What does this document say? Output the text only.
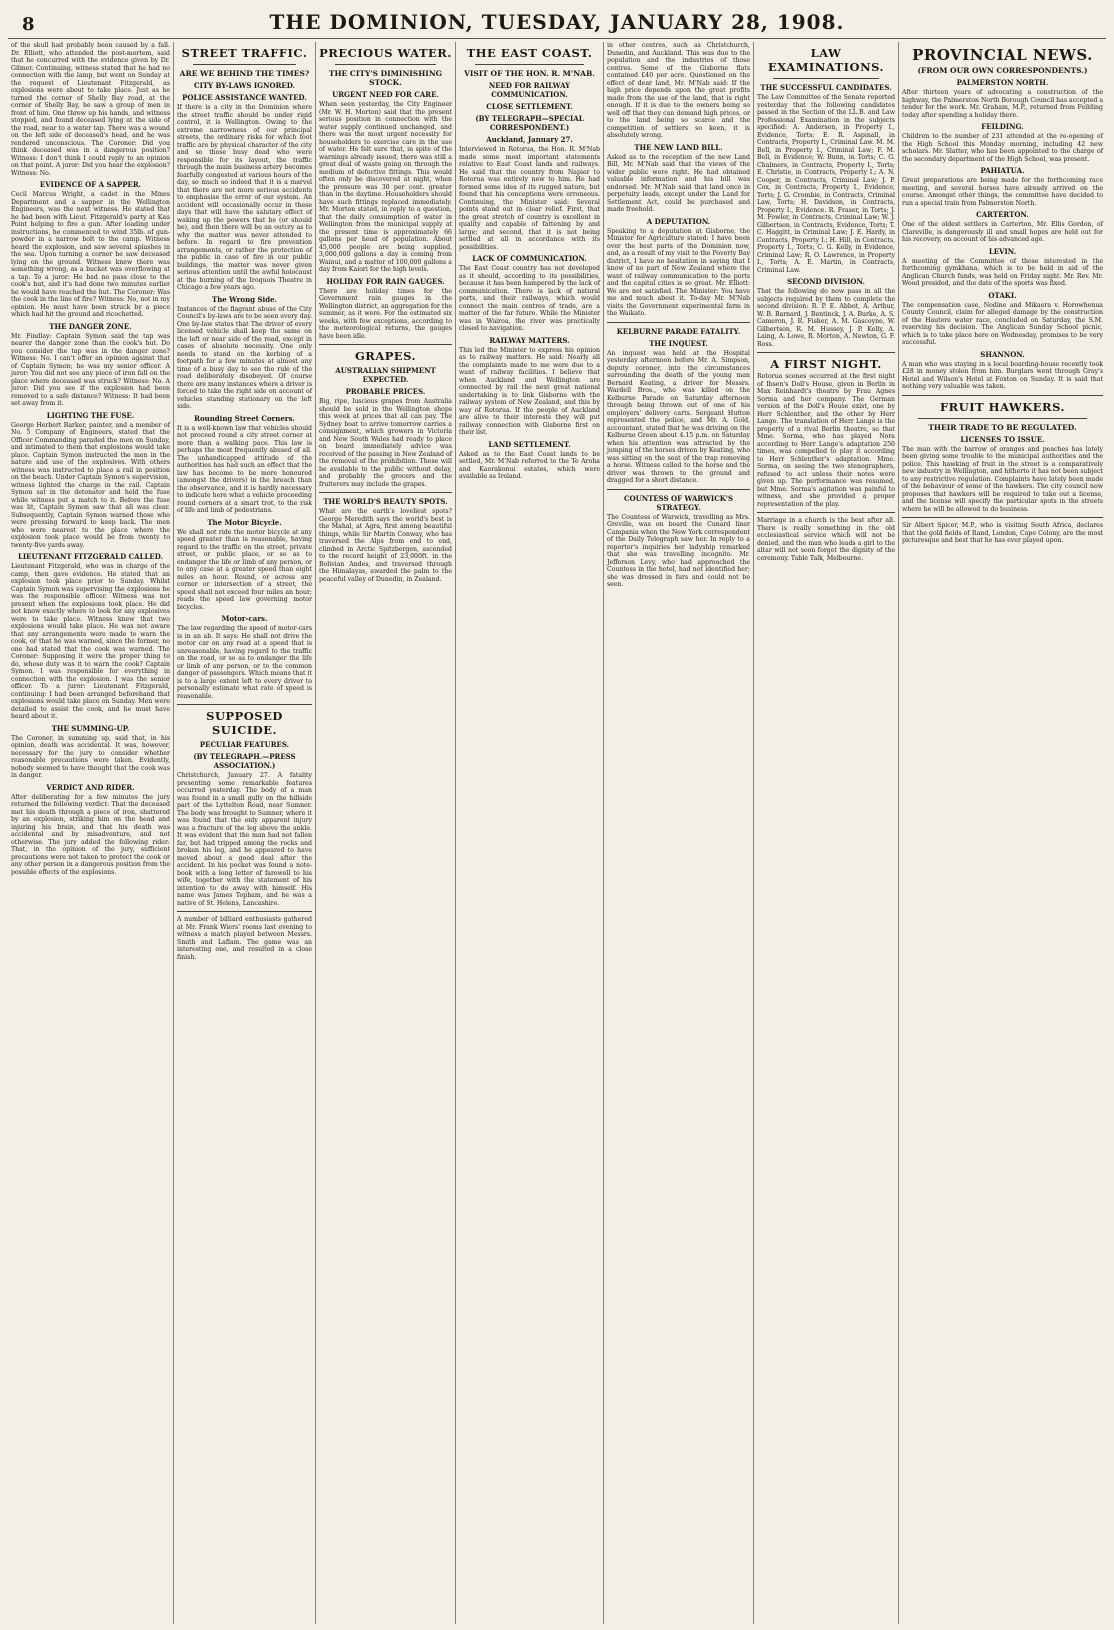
8	THE DOMINION, TUESDAY, JANUARY 28, 1908.

of the skull had probably been caused by a fall. Dr. Elliott, who attended the post-mortem, said that he concurred with the evidence given by Dr. Gilmer. Continuing, witness stated that he had no connection with the lamp, but went on Sunday at the request of Lieutenant Fitzgerald, as explosions were about to take place. Just as he turned the corner of Shelly Bay road, at the corner of Shelly Bay, he saw a group of men in front of him. One threw up his hands, and witness stopped, and found deceased lying at the side of the road, near to a water tap. There was a wound on the left side of deceased's head, and he was rendered unconscious. The Coroner: Did you think deceased was in a dangerous position? Witness: I don't think I could reply to an opinion on that point. A juror: Did you hear the explosion? Witness: No.

EVIDENCE OF A SAPPER.

Cecil Marcus Wright, a cadet in the Mines Department and a sapper in the Wellington Engineers, was the next witness. He stated that he had been with Lieut. Fitzgerald's party at Kau Point helping to fire a gun. After loading under instructions, he commenced to wind 35lb. of gun-powder in a narrow bolt to the camp. Witness heard the explosion, and saw several splashes in the sea. Upon turning a corner he saw deceased lying on the ground. Witness knew there was something wrong, as a bucket was overflowing at a tap. To a juror: He had no pass close to the cook's hut, and it's had done two minutes earlier he would have reached the hut. The Coroner: Was the cook in the line of fire? Witness: No, not in my opinion. He must have been struck by a piece which had hit the ground and ricochetted.

THE DANGER ZONE.

Mr. Findlay: Captain Symon said the tap was nearer the danger zone than the cook's hut. Do you consider the tap was in the danger zone? Witness: No. I can't offer an opinion against that of Captain Symon; he was my senior officer. A juror: You did not see any piece of iron fall on the place where deceased was struck? Witness: No. A juror: Did you see if the explosion had been removed to a safe distance? Witness: It had been set away from it.

LIGHTING THE FUSE.

George Herbert Barker, painter, and a member of No. 5 Company of Engineers, stated that the Officer Commanding paraded the men on Sunday, and intimated to them that explosions would take place. Captain Symon instructed the men in the nature and use of the explosives. With others witness was instructed to place a rail in position on the beach. Under Captain Symon's supervision, witness lighted the charge in the rail. Captain Symon sat in the detonator and held the fuse while witness put a match to it. Before the fuse was lit, Captain Symon saw that all was clear. Subsequently, Captain Symon warned those who were pressing forward to keep back. The men who were nearest to the place where the explosion took place would be from twenty to twenty-five yards away.

LIEUTENANT FITZGERALD CALLED.

Lieutenant Fitzgerald, who was in charge of the camp, then gave evidence. He stated that an explosion took place prior to Sunday. Whilst Captain Symon was supervising the explosions he was the responsible officer. Witness was not present when the explosions took place. He did not know exactly where to look for any explosives were to take place. Witness knew that two explosions would take place. He was not aware that any arrangements were made to warn the cook, or that he was warned, since the former, no one had stated that the cook was warned. The Coroner: Supposing it were the proper thing to do, whose duty was it to warn the cook? Captain Symon. I was responsible for everything in connection with the explosion. I was the senior officer. To a juror: Lieutenant Fitzgerald, continuing: I had been arranged beforehand that explosions would take place on Sunday. Men were detailed to assist the cook, and he must have heard about it.

THE SUMMING-UP.

The Coroner, in summing up, said that, in his opinion, death was accidental. It was, however, necessary for the jury to consider whether reasonable precautions were taken. Evidently, nobody seemed to have thought that the cook was in danger.

VERDICT AND RIDER.

After deliberating for a few minutes the jury returned the following verdict: That the deceased met his death through a piece of iron, shattered by an explosion, striking him on the head and injuring his brain, and that his death was accidental and by misadventure, and not otherwise. The jury added the following rider: That, in the opinion of the jury, sufficient precautions were not taken to protect the cook or any other person in a dangerous position from the possible effects of the explosions.

STREET TRAFFIC.
ARE WE BEHIND THE TIMES?
CITY BY-LAWS IGNORED.
POLICE ASSISTANCE WANTED.

If there is a city in the Dominion where the street traffic should be under rigid control, it is Wellington. Owing to the extreme narrowness of our principal streets, the ordinary risks for which foot traffic are by physical character of the city and so those busy dead who were responsible for its layout, the traffic through the main business artery becomes fearfully congested at various hours of the day, so much so indeed that it is a marvel that there are not more serious accidents to emphasise the error of our system. An accident will occasionally occur in these days that will have the salutary effect of waking up the powers that be (or should be), and then there will be an outcry as to why the matter was never attended to before. In regard to fire prevention arrangements, or rather the protection of the public in case of fire in our public buildings, the matter was never given serious attention until the awful holocaust at the burning of the Iroquois Theatre in Chicago a few years ago.

The Wrong Side.

Instances of the flagrant abuse of the City Council's by-laws are to be seen every day. One by-law states that The driver of every licensed vehicle shall keep the same on the left or near side of the road, except in cases of absolute necessity. One only needs to stand on the kerbing of a footpath for a few minutes at almost any time of a busy day to see the rule of the road deliberately disobeyed. Of course there are many instances where a driver is forced to take the right side on account of vehicles standing stationary on the left side.

Rounding Street Corners.

It is a well-known law that vehicles should not proceed round a city street corner at more than a walking pace. This law is perhaps the most frequently abused of all. The unhandicapped attitude of the authorities has had such an effect that the law has become to be more honoured (amongst the drivers) in the breach than the observance, and it is hardly necessary to indicate here what a vehicle proceeding round corners at a smart trot, to the risk of life and limb of pedestrians.

The Motor Bicycle.

We shall not ride the motor bicycle at any speed greater than is reasonable, having regard to the traffic on the street, private street, or public place, or so as to endanger the life or limb of any person, or to any case at a greater speed than eight miles an hour. Round, or across any corner or intersection of a street, the speed shall not exceed four miles an hour; reads the speed law governing motor bicycles.

Motor-cars.

The law regarding the speed of motor-cars is in an ab. It says: He shall not drive the motor car on any road at a speed that is unreasonable, having regard to the traffic on the road, or so as to endanger the life or limb of any person, or to the common danger of passengers. Which means that it is to a large extent left to every driver to personally estimate what rate of speed is reasonable.

SUPPOSED SUICIDE.
PECULIAR FEATURES.
(BY TELEGRAPH.—PRESS ASSOCIATION.)

Christchurch, January 27. A fatality presenting some remarkable features occurred yesterday. The body of a man was found in a small gully on the hillside part of the Lyttelton Road, near Sumner. The body was brought to Sumner, where it was found that the only apparent injury was a fracture of the leg above the ankle. It was evident that the man had not fallen far, but had tripped among the rocks and broken his leg, and he appeared to have moved about a good deal after the accident. In his pocket was found a note-book with a long letter of farewell to his wife, together with the statement of his intention to do away with himself. His name was James Topham, and he was a native of St. Helens, Lancashire.

A number of billiard enthusiasts gathered at Mr. Frank Wiers' rooms last evening to witness a match played between Messrs. Smith and Laflam. The game was an interesting one, and resulted in a close finish.

PRECIOUS WATER.
THE CITY'S DIMINISHING STOCK.
URGENT NEED FOR CARE.

When seen yesterday, the City Engineer (Mr. W. H. Morton) said that the present serious position in connection with the water supply continued unchanged, and there was the most urgent necessity for householders to exercise care in the use of water. He felt sure that, in spite of the warnings already issued, there was still a great deal of waste going on through the medium of defective fittings. This would often only be discovered at night, when the pressure was 30 per cent. greater than in the daytime. Householders should have such fittings replaced immediately. Mr. Morton stated, in reply to a question, that the daily consumption of water in Wellington from the municipal supply at the present time is approximately 66 gallons per head of population. About 45,000 people are being supplied, 3,000,000 gallons a day is coming from Wainui, and a matter of 100,000 gallons a day from Kaiori for the high levels.

HOLIDAY FOR RAIN GAUGES.

There are holiday times for the Government rain gauges in the Wellington district, an aggregation for the summer, as it were. For the estimated six weeks, with few exceptions, according to the meteorological returns, the gauges have been idle.

GRAPES.
AUSTRALIAN SHIPMENT EXPECTED.
PROBABLE PRICES.

Big, ripe, luscious grapes from Australia should be sold in the Wellington shops this week at prices that all can pay. The Sydney boat to arrive tomorrow carries a consignment, which growers in Victoria and New South Wales had ready to place on board immediately advice was received of the passing in New Zealand of the removal of the prohibition. These will be available to the public without delay, and probably the grocers and the fruiterers may include the grapes.

THE WORLD'S BEAUTY SPOTS.

What are the earth's loveliest spots? George Meredith says the world's best is the Mahal, at Agra, first among beautiful things, while Sir Martin Conway, who has traversed the Alps from end to end, climbed in Arctic Spitzbergen, ascended to the record height of 23,000ft. in the Bolivian Andes, and traversed through the Himalayas, awarded the palm to the peaceful valley of Dunedin, in Zealand.

THE EAST COAST.
VISIT OF THE HON. R. M'NAB.
NEED FOR RAILWAY COMMUNICATION.
CLOSE SETTLEMENT.
(BY TELEGRAPH—SPECIAL CORRESPONDENT.)
Auckland, January 27.

Interviewed in Rotorua, the Hon. R. M'Nab made some most important statements relative to East Coast lands and railways. He said that the country from Napier to Rotorua was entirely new to him. He had formed some idea of its rugged nature, but found that his conceptions were erroneous. Continuing, the Minister said: Several points stand out in clear relief. First, that the great stretch of country is excellent in quality and capable of fattening by and large; and second, that it is not being settled at all in accordance with its possibilities.

LACK OF COMMUNICATION.

The East Coast country has not developed as it should, according to its possibilities, because it has been hampered by the lack of communication. There is lack of natural ports, and their railways, which would connect the main centres of trade, are a matter of the far future. While the Minister was in Wairoa, the river was practically closed to navigation.

RAILWAY MATTERS.

This led the Minister to express his opinion as to railway matters. He said: Nearly all the complaints made to me were due to a want of railway facilities. I believe that when Auckland and Wellington are connected by rail the next great national undertaking is to link Gisborne with the railway system of New Zealand, and this by way of Rotorua. If the people of Auckland are alive to their interests they will put railway connection with Gisborne first on their list.

LAND SETTLEMENT.

Asked as to the East Coast lands to be settled, Mr. M'Nab referred to the Te Aroha and Kaorakonui estates, which were available as Ireland.

in other centres, such as Christchurch, Dunedin, and Auckland. This was due to the population and the industries of those centres. Some of the Gisborne flats contained £40 per acre. Questioned on the effect of dear land, Mr. M'Nab said: If the high price depends upon the great profits made from the use of the land, that is right enough. If it is due to the owners being so well off that they can demand high prices, or to the land being so scarce and the competition of settlers so keen, it is absolutely wrong.

THE NEW LAND BILL.

Asked as to the reception of the new Land Bill, Mr. M'Nab said that the views of the wider public were right. He had obtained valuable information and his bill was endorsed. Mr. M'Nab said that land once in perpetuity leads, except under the Land for Settlement Act, could be purchased and made freehold.

A DEPUTATION.

Speaking to a deputation at Gisborne, the Minister for Agriculture stated: I have been over the best parts of the Dominion now, and, as a result of my visit to the Poverty Bay district, I have no hesitation in saying that I know of no part of New Zealand where the want of railway communication to the ports and the capital cities is so great. Mr. Elliott: We are not satisfied. The Minister: You have me and much about it. To-day Mr. M'Nab visits the Government experimental farm in the Waikato.

KELBURNE PARADE FATALITY.
THE INQUEST.

An inquest was held at the Hospital yesterday afternoon before Mr. A. Simpson, deputy coroner, into the circumstances surrounding the death of the young man Bernard Keating, a driver for Messrs. Wardell Bros., who was killed on the Kelburne Parade on Saturday afternoon through being thrown out of one of his employers' delivery carts. Sergeant Hutton represented the police, and Mr. A. Gold, accountant, stated that he was driving on the Kelburne Green about 4.15 p.m. on Saturday when his attention was attracted by the jumping of the horses driven by Keating, who was sitting on the seat of the trap removing a horse. Witness called to the horse and the driver was thrown to the ground and dragged for a short distance.

COUNTESS OF WARWICK'S STRATEGY.

The Countess of Warwick, travelling as Mrs. Greville, was on board the Cunard liner Campania when the New York correspondent of the Daily Telegraph saw her. In reply to a reporter's inquiries her ladyship remarked that she was travelling incognito. Mr. Jefferson Levy, who had approached the Countess in the hotel, had not identified her; she was dressed in furs and could not be seen.

LAW EXAMINATIONS.
THE SUCCESSFUL CANDIDATES.

The Law Committee of the Senate reported yesterday that the following candidates passed in the Section of the LL.B. and Law Professional Examination in the subjects specified: A. Anderson, in Property I., Evidence, Torts; E. R. Aspinall, in Contracts, Property I., Criminal Law. M. M. Bell, in Property I., Criminal Law; F. M. Bell, in Evidence; W. Bunn, in Torts; C. G. Chalmers, in Contracts, Property I., Torts; E. Christie, in Contracts, Property I.; A. N. Cooper, in Contracts, Criminal Law; J. P. Cox, in Contracts, Property I., Evidence, Torts; J. G. Crombie, in Contracts, Criminal Law, Torts; H. Davidson, in Contracts, Property I., Evidence. R. Fraser, in Torts; J. M. Fowler, in Contracts, Criminal Law; W. J. Gilbertson, in Contracts, Evidence, Torts; T. C. Haggitt, in Criminal Law; J. E. Hardy, in Contracts, Property I.; H. Hill, in Contracts, Property I., Torts; C. G. Kelly, in Evidence, Criminal Law; R. O. Lawrence, in Property I., Torts; A. E. Martin, in Contracts, Criminal Law.

SECOND DIVISION.

That the following do now pass in all the subjects required by them to complete the second division: R. P. E. Abbot, A. Arthur, W. B. Barnard, J. Bentinck, J. A. Burke, A. S. Cameron, J. R. Fisher, A. M. Gascoyne, W. Gilbertson, R. M. Hussey, J. P. Kelly, A. Laing, A. Lowe, R. Morton, A. Newton, G. F. Ross.

A FIRST NIGHT.

Rotorua scenes occurred at the first night of Ibsen's Doll's House, given in Berlin in Max Reinhardt's theatre by Frau Agnes Sorma and her company. The German version of the Doll's House exist, one by Herr Schlenther, and the other by Herr Lange. The translation of Herr Lange is the property of a rival Berlin theatre, so that Mme. Sorma, who has played Nora according to Herr Lange's adaptation 250 times, was compelled to play it according to Herr Schlenther's adaptation. Mme. Sorma, on seeing the two stenographers, refused to act unless their notes were given up. The performance was resumed, but Mme. Sorma's agitation was painful to witness, and she provided a proper representation of the play.

Marriage in a church is the best after all. There is really something in the old ecclesiastical service which will not be denied, and the man who leads a girl to the altar will not soon forget the dignity of the ceremony. Table Talk, Melbourne.

PROVINCIAL NEWS.
(FROM OUR OWN CORRESPONDENTS.)
PALMERSTON NORTH.

After thirteen years of advocating a construction of the highway, the Palmerston North Borough Council has accepted a tender for the work. Mr. Graham, M.P., returned from Feilding today after spending a holiday there.

FEILDING.

Children to the number of 231 attended at the re-opening of the High School this Monday morning, including 42 new scholars. Mr. Slatter, who has been appointed to the charge of the secondary department of the High School, was present.

PAHIATUA.

Great preparations are being made for the forthcoming race meeting, and several horses have already arrived on the course. Amongst other things, the committee have decided to run a special train from Palmerston North.

CARTERTON.

One of the oldest settlers in Carterton, Mr. Ellis Gordon, of Clareville, is dangerously ill and small hopes are held out for his recovery, on account of his advanced age.

LEVIN.

A meeting of the Committee of those interested in the forthcoming gymkhana, which is to be held in aid of the Anglican Church funds, was held on Friday night. Mr. Rev. Mr. Wood presided, and the date of the sports was fixed.

OTAKI.

The compensation case, Nodine and Mikaera v. Horowhenua County Council, claim for alleged damage by the construction of the Hautere water race, concluded on Saturday, the S.M. reserving his decision. The Anglican Sunday School picnic, which is to take place here on Wednesday, promises to be very successful.

SHANNON.

A man who was staying in a local boarding-house recently took £28 in money stolen from him. Burglars went through Gray's Hotel and Wilson's Hotel at Foxton on Sunday. It is said that nothing very valuable was taken.

FRUIT HAWKERS.
THEIR TRADE TO BE REGULATED.
LICENSES TO ISSUE.

The man with the barrow of oranges and peaches has lately been giving some trouble to the municipal authorities and the police. This hawking of fruit in the street is a comparatively new industry in Wellington, and hitherto it has not been subject to any restrictive regulation. Complaints have lately been made of the behaviour of some of the hawkers. The city council now proposes that hawkers will be required to take out a license, and the license will specify the particular spots in the streets where he will be allowed to do business.

Sir Albert Spicer, M.P., who is visiting South Africa, declares that the gold fields of Rand, London, Cape Colony, are the most picturesque and best that he has ever played upon.
